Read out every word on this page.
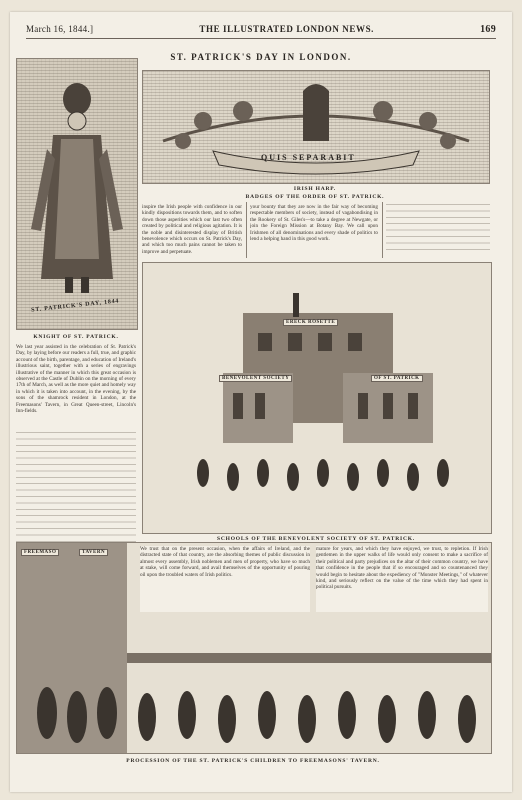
March 16, 1844.]	THE ILLUSTRATED LONDON NEWS.	169
ST. PATRICK'S DAY IN LONDON.
ST. PATRICK'S DAY, 1844
KNIGHT OF ST. PATRICK.
QUIS SEPARABIT
IRISH HARP.
BADGES OF THE ORDER OF ST. PATRICK.
inspire the Irish people with confidence in our kindly dispositions towards them, and to soften down those asperities which our last two often created by political and religious agitation. It is the noble and disinterested display of British benevolence which occurs on St. Patrick's Day, and which too much pains cannot be taken to improve and perpetuate.
your bounty that they are now in the fair way of becoming respectable members of society, instead of vagabondising in the Rookery of St. Giles's—to take a degree at Newgate, or join the Foreign Mission at Botany Bay. We call upon Irishmen of all denominations and every shade of politics to lend a helping hand in this good work.
We last year assisted in the celebration of St. Patrick's Day, by laying before our readers a full, true, and graphic account of the birth, parentage, and education of Ireland's illustrious saint, together with a series of engravings illustrative of the manner in which this great occasion is observed at the Castle of Dublin on the morning of every 17th of March, as well as the more quiet and homely way in which it is taken into account, in the evening, by the sons of the shamrock resident in London, at the Freemasons' Tavern, in Great Queen-street, Lincoln's Inn-fields.
ERECK ROSETTE
BENEVOLENT SOCIETY	OF ST. PATRICK
SCHOOLS OF THE BENEVOLENT SOCIETY OF ST. PATRICK.
FREEMASO	TAVERN
We trust that on the present occasion, when the affairs of Ireland, and the distracted state of that country, are the absorbing themes of public discussion in almost every assembly, Irish noblemen and men of property, who have so much at stake, will come forward, and avail themselves of the opportunity of pouring oil upon the troubled waters of Irish politics.
mature for years, and which they have enjoyed, we trust, to repletion. If Irish gentlemen in the upper walks of life would only consent to make a sacrifice of their political and party prejudices on the altar of their common country, we have that confidence in the people that if so encouraged and so countenanced they would begin to hesitate about the expediency of "Monster Meetings," of whatever kind, and seriously reflect on the value of the time which they had spent in political pursuits.
PROCESSION OF THE ST. PATRICK'S CHILDREN TO FREEMASONS' TAVERN.
